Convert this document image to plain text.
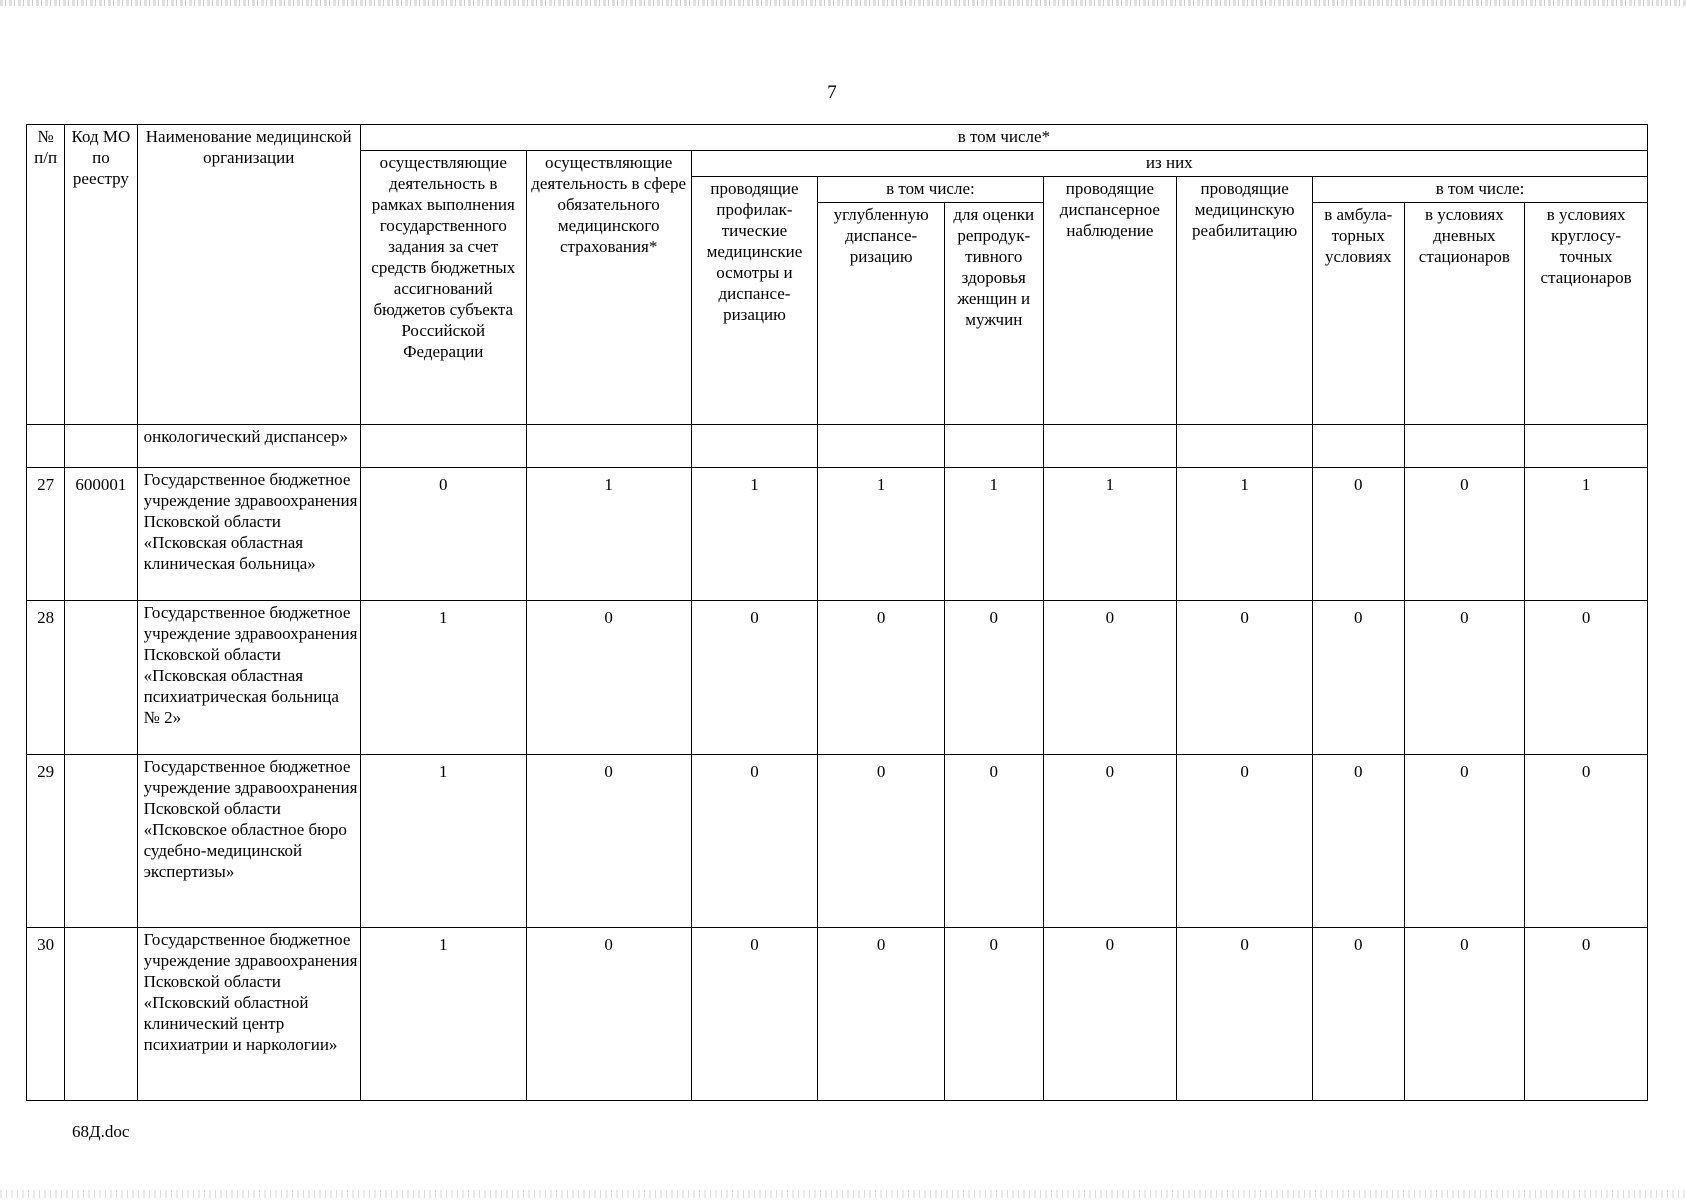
7
№ п/п	Код МО по реестру	Наименование медицинской организации	в том числе*									
			осуществляющие деятельность в рамках выполнения государственного задания за счет средств бюджетных ассигнований бюджетов субъекта Российской Федерации	осуществляющие деятельность в сфере обязательного медицинского страхования*	из них							
					проводящие профилак-тические медицинские осмотры и диспансе-ризацию	в том числе:		проводящие диспансерное наблюдение	проводящие медицинскую реабилитацию	в том числе:		
						углубленную диспансе-ризацию	для оценки репродук-тивного здоровья женщин и мужчин			в амбула-торных условиях	в условиях дневных стационаров	в условиях круглосу-точных стационаров
		онкологический диспансер»										
27	600001	Государственное бюджетное учреждение здравоохранения Псковской области «Псковская областная клиническая больница»	0	1	1	1	1	1	1	0	0	1
28		Государственное бюджетное учреждение здравоохранения Псковской области «Псковская областная психиатрическая больница № 2»	1	0	0	0	0	0	0	0	0	0
29		Государственное бюджетное учреждение здравоохранения Псковской области «Псковское областное бюро судебно-медицинской экспертизы»	1	0	0	0	0	0	0	0	0	0
30		Государственное бюджетное учреждение здравоохранения Псковской области «Псковский областной клинический центр психиатрии и наркологии»	1	0	0	0	0	0	0	0	0	0
68Д.doc
